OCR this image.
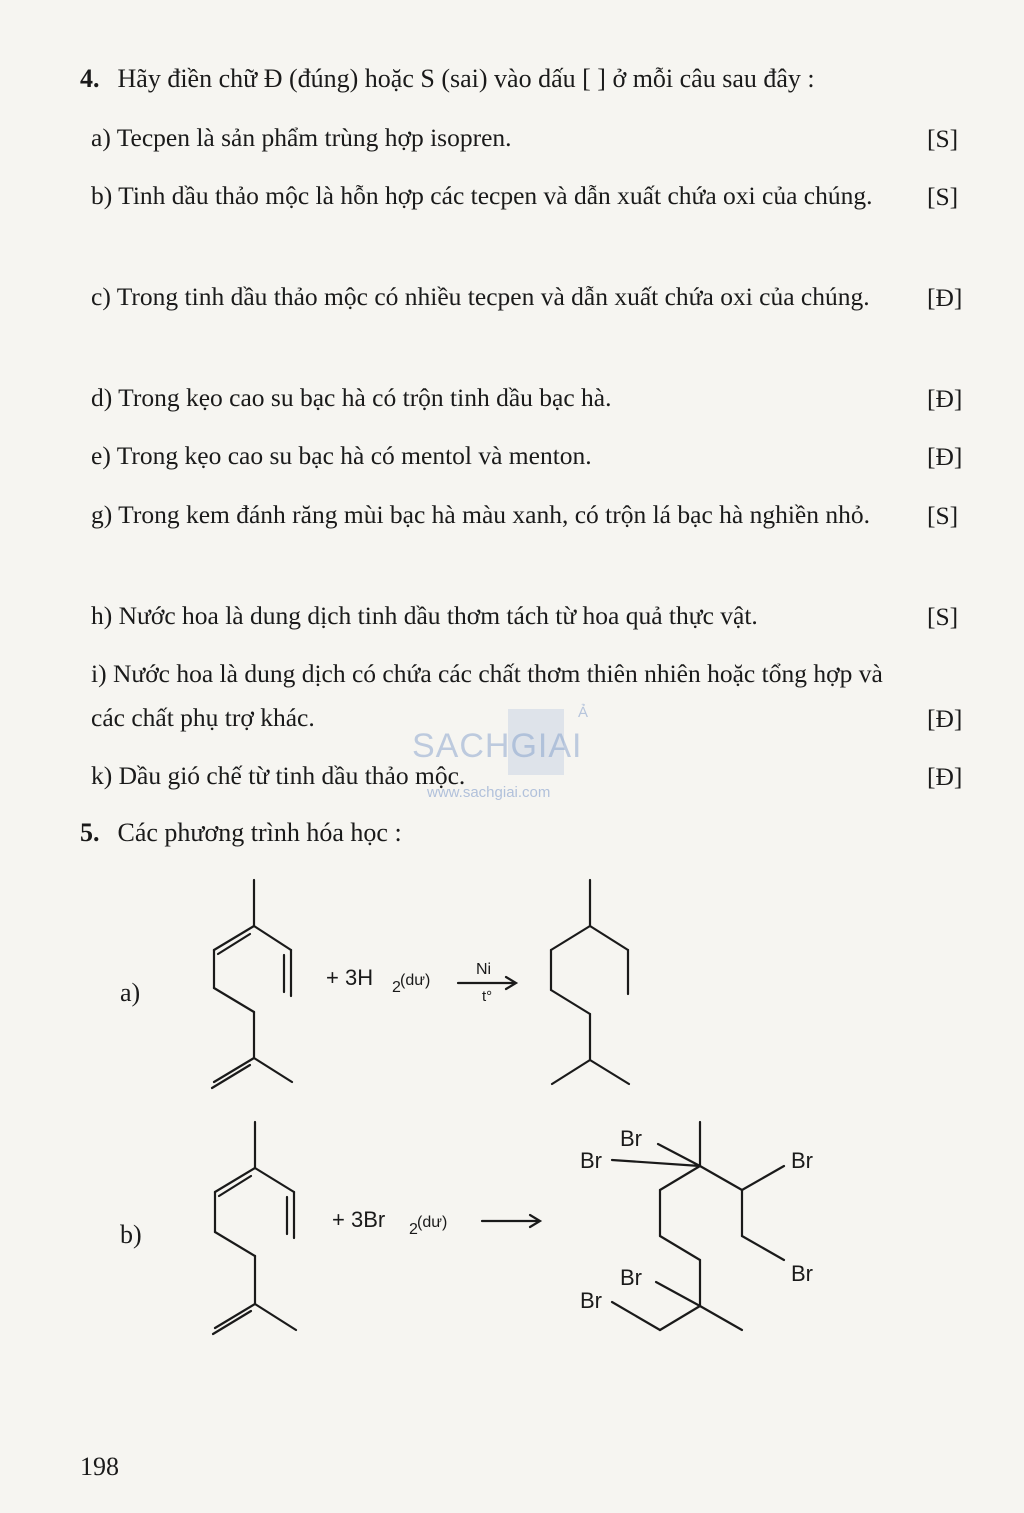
4. Hãy điền chữ Đ (đúng) hoặc S (sai) vào dấu [ ] ở mỗi câu sau đây :
a) Tecpen là sản phẩm trùng hợp isopren.	[S]
b) Tinh dầu thảo mộc là hỗn hợp các tecpen và dẫn xuất chứa oxi của chúng.	[S]
c) Trong tinh dầu thảo mộc có nhiều tecpen và dẫn xuất chứa oxi của chúng.	[Đ]
d) Trong kẹo cao su bạc hà có trộn tinh dầu bạc hà.	[Đ]
e) Trong kẹo cao su bạc hà có mentol và menton.	[Đ]
g) Trong kem đánh răng mùi bạc hà màu xanh, có trộn lá bạc hà nghiền nhỏ.	[S]
h) Nước hoa là dung dịch tinh dầu thơm tách từ hoa quả thực vật.	[S]
i) Nước hoa là dung dịch có chứa các chất thơm thiên nhiên hoặc tổng hợp và các chất phụ trợ khác.	[Đ]
k) Dầu gió chế từ tinh dầu thảo mộc.	[Đ]
SACHGIAI
Ả
www.sachgiai.com
5. Các phương trình hóa học :
a)
b)
+ 3H 2 (dư)
Ni
t°
+ 3Br 2 (dư)
Br
Br	Br
Br	Br
Br
198
